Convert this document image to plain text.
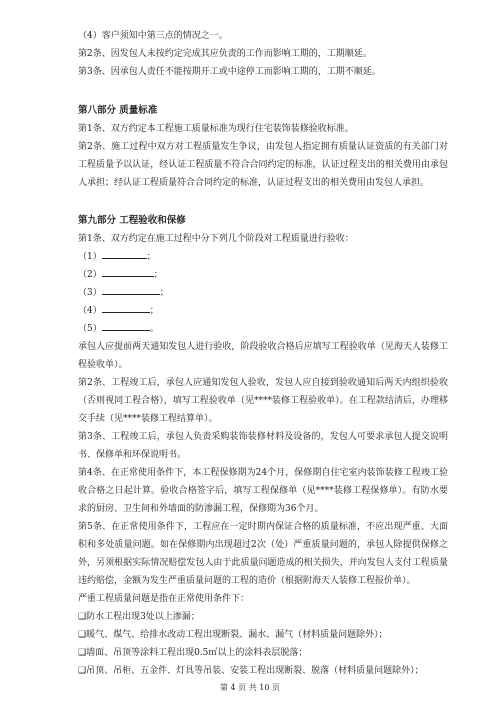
（4）客户须知中第三点的情况之一。
第2条、因发包人未按约定完成其应负责的工作而影响工期的，工期顺延。
第3条、因承包人责任不能按期开工或中途停工而影响工期的，工期不顺延。
第八部分 质量标准
第1条、双方约定本工程施工质量标准为现行住宅装饰装修验收标准。
第2条、施工过程中双方对工程质量发生争议，由发包人指定拥有质量认证资质的有关部门对工程质量予以认证，经认证工程质量不符合合同约定的标准，认证过程支出的相关费用由承包人承担；经认证工程质量符合合同约定的标准，认证过程支出的相关费用由发包人承担。
第九部分 工程验收和保修
第1条、双方约定在施工过程中分下列几个阶段对工程质量进行验收：
（1）	；
（2）	；
（3）	；
（4）	；
（5）	。
承包人应提前两天通知发包人进行验收，阶段验收合格后应填写工程验收单（见海天人装修工程验收单）。
第2条、工程竣工后，承包人应通知发包人验收，发包人应自接到验收通知后两天内组织验收（否则视同工程合格），填写工程验收单（见****装修工程验收单）。在工程款结清后，办理移交手续（见****装修工程结算单）。
第3条、工程竣工后，承包人负责采购装饰装修材料及设备的，发包人可要求承包人提交说明书、保修单和环保说明书。
第4条、在正常使用条件下，本工程保修期为24个月，保修期自住宅室内装饰装修工程竣工验收合格之日起计算。验收合格签字后，填写工程保修单（见****装修工程保修单）。有防水要求的厨房、卫生间和外墙面的防渗漏工程，保修期为36个月。
第5条、在正常使用条件下，工程应在一定时期内保证合格的质量标准，不应出现严重、大面积和多处质量问题。如在保修期内出现超过2次（处）严重质量问题的，承包人除提供保修之外，另须根据实际情况赔偿发包人由于此质量问题造成的相关损失，并向发包人支付工程质量违约赔偿，金额为发生严重质量问题的工程的造价（根据附海天人装修工程报价单）。
严重工程质量问题是指在正常使用条件下：
❑防水工程出现3处以上渗漏；
❑暖气、煤气、给排水改动工程出现断裂、漏水、漏气（材料质量问题除外）；
❑墙面、吊顶等涂料工程出现0.5㎡以上的涂料表层脱落；
❑吊顶、吊柜、五金件、灯具等吊装、安装工程出现断裂、脱落（材料质量问题除外）；
第 4 页 共 10 页
